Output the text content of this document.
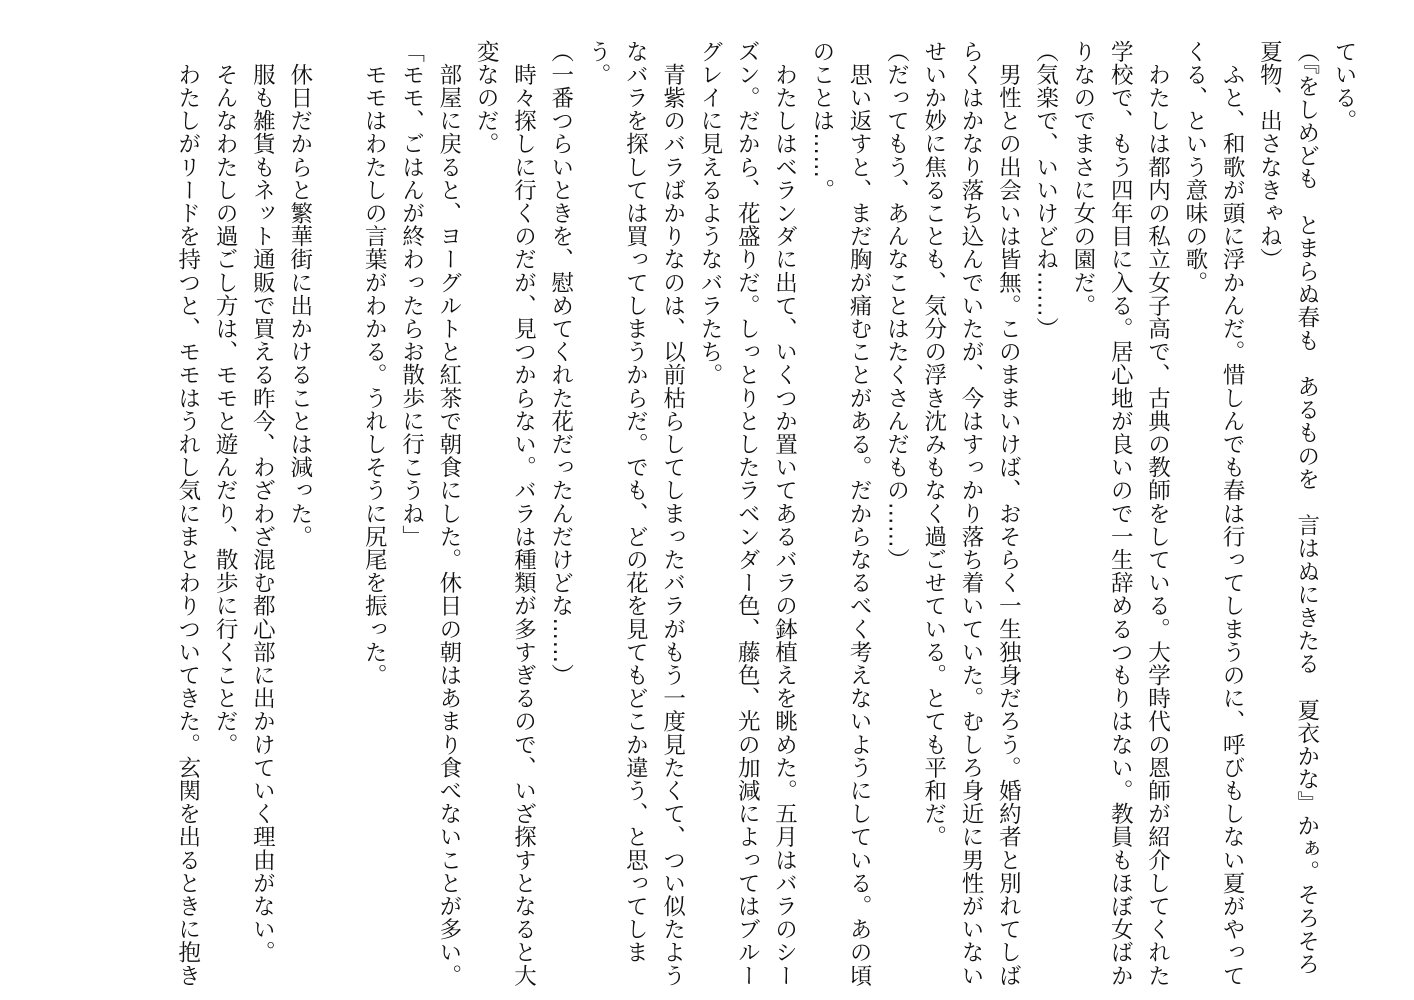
ている。
（『をしめども　とまらぬ春も　あるものを　言はぬにきたる　夏衣かな』かぁ。そろそろ
夏物、出さなきゃね）
　ふと、和歌が頭に浮かんだ。惜しんでも春は行ってしまうのに、呼びもしない夏がやって
くる、という意味の歌。
　わたしは都内の私立女子高で、古典の教師をしている。大学時代の恩師が紹介してくれた
学校で、もう四年目に入る。居心地が良いので一生辞めるつもりはない。教員もほぼ女ばか
りなのでまさに女の園だ。
（気楽で、いいけどね……）
　男性との出会いは皆無。このままいけば、おそらく一生独身だろう。婚約者と別れてしば
らくはかなり落ち込んでいたが、今はすっかり落ち着いていた。むしろ身近に男性がいない
せいか妙に焦ることも、気分の浮き沈みもなく過ごせている。とても平和だ。
（だってもう、あんなことはたくさんだもの……）
　思い返すと、まだ胸が痛むことがある。だからなるべく考えないようにしている。あの頃
のことは……。
　わたしはベランダに出て、いくつか置いてあるバラの鉢植えを眺めた。五月はバラのシー
ズン。だから、花盛りだ。しっとりとしたラベンダー色、藤色、光の加減によってはブルー
グレイに見えるようなバラたち。
　青紫のバラばかりなのは、以前枯らしてしまったバラがもう一度見たくて、つい似たよう
なバラを探しては買ってしまうからだ。でも、どの花を見てもどこか違う、と思ってしま
う。
（一番つらいときを、慰めてくれた花だったんだけどな……）
　時々探しに行くのだが、見つからない。バラは種類が多すぎるので、いざ探すとなると大
変なのだ。
　部屋に戻ると、ヨーグルトと紅茶で朝食にした。休日の朝はあまり食べないことが多い。
「モモ、ごはんが終わったらお散歩に行こうね」
　モモはわたしの言葉がわかる。うれしそうに尻尾を振った。
　休日だからと繁華街に出かけることは減った。
　服も雑貨もネット通販で買える昨今、わざわざ混む都心部に出かけていく理由がない。
　そんなわたしの過ごし方は、モモと遊んだり、散歩に行くことだ。
　わたしがリードを持つと、モモはうれし気にまとわりついてきた。玄関を出るときに抱き
